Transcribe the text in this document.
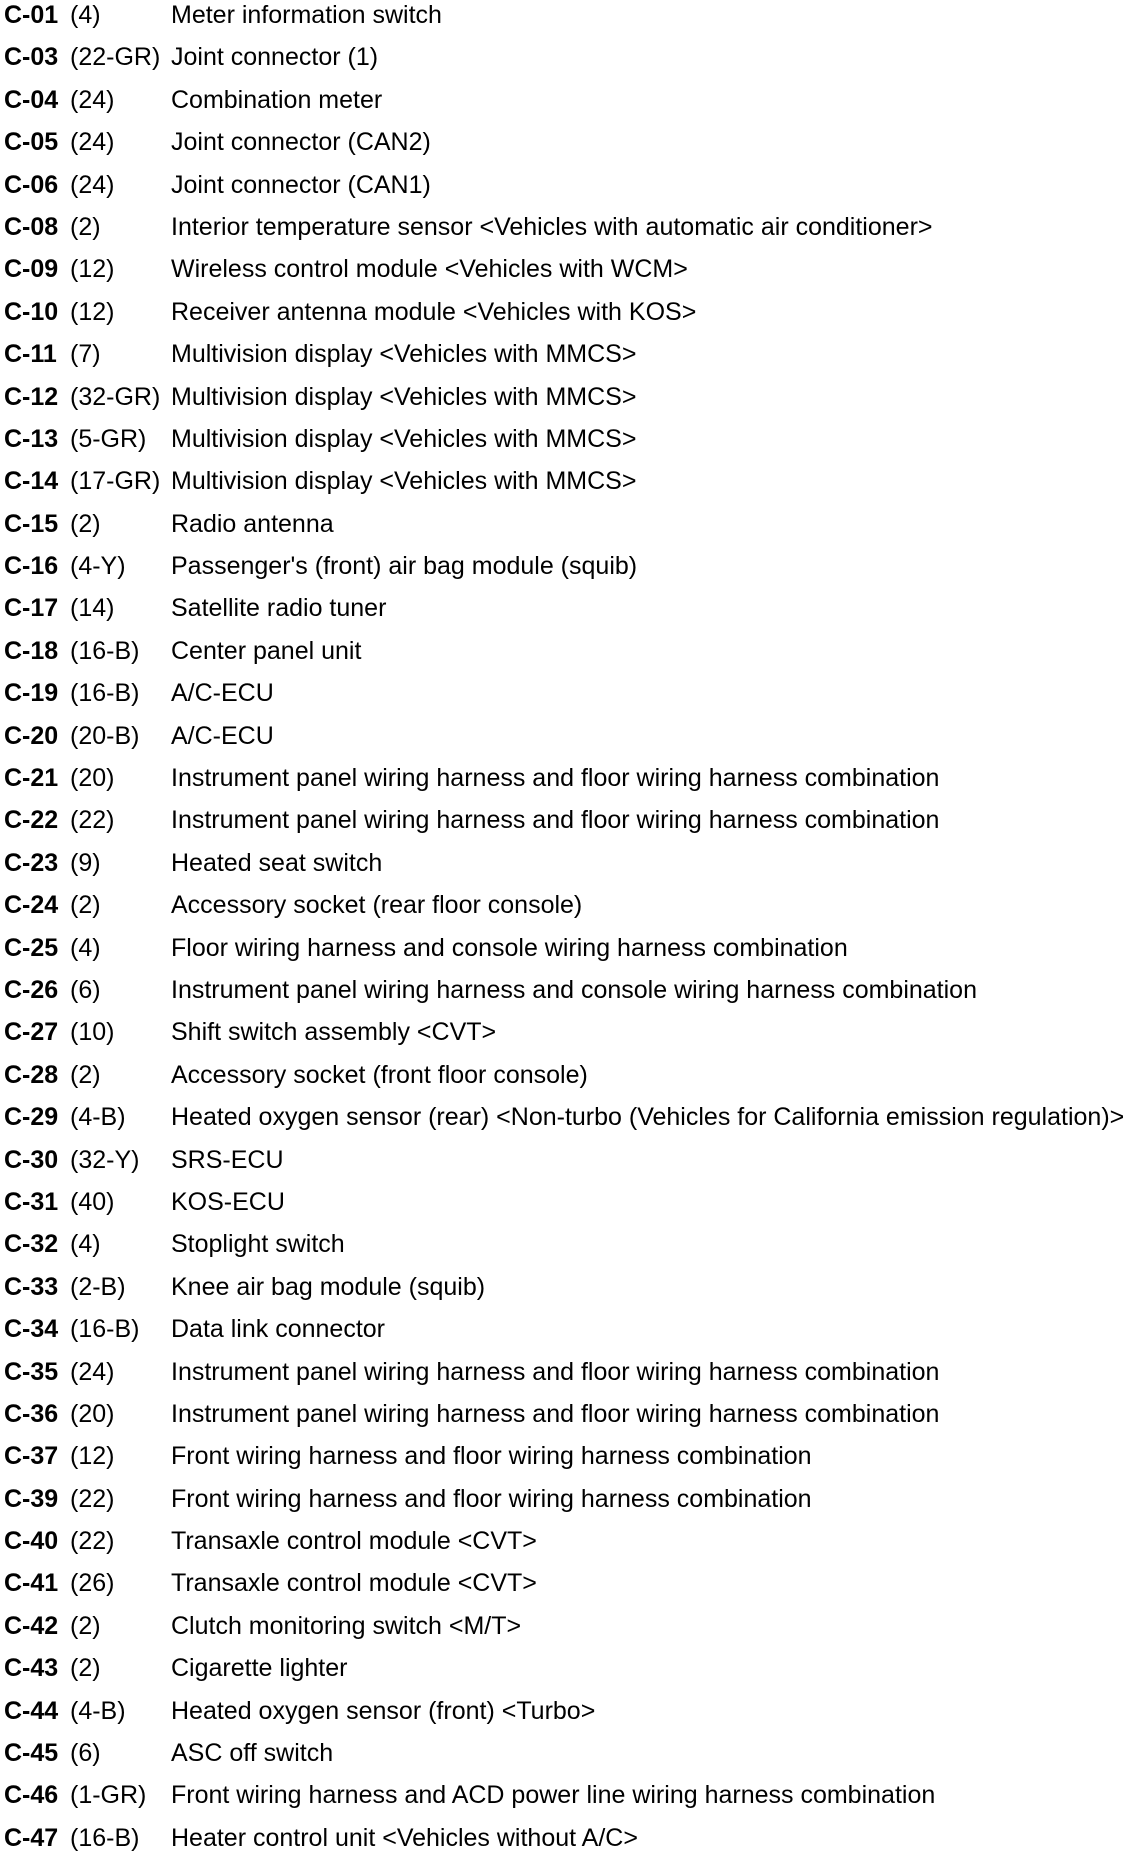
C-01 (4)	Meter information switch
C-03 (22-GR) Joint connector (1)
C-04 (24) Combination meter
C-05 (24) Joint connector (CAN2)
C-06 (24) Joint connector (CAN1)
C-08 (2)	Interior temperature sensor <Vehicles with automatic air conditioner>
C-09 (12) Wireless control module <Vehicles with WCM>
C-10 (12) Receiver antenna module <Vehicles with KOS>
C-11 (7)	Multivision display <Vehicles with MMCS>
C-12 (32-GR) Multivision display <Vehicles with MMCS>
C-13 (5-GR) Multivision display <Vehicles with MMCS>
C-14 (17-GR) Multivision display <Vehicles with MMCS>
C-15 (2)	Radio antenna
C-16 (4-Y) Passenger's (front) air bag module (squib)
C-17 (14) Satellite radio tuner
C-18 (16-B) Center panel unit
C-19 (16-B) A/C-ECU
C-20 (20-B) A/C-ECU
C-21 (20) Instrument panel wiring harness and floor wiring harness combination
C-22 (22) Instrument panel wiring harness and floor wiring harness combination
C-23 (9)	Heated seat switch
C-24 (2)	Accessory socket (rear floor console)
C-25 (4)	Floor wiring harness and console wiring harness combination
C-26 (6)	Instrument panel wiring harness and console wiring harness combination
C-27 (10) Shift switch assembly <CVT>
C-28 (2)	Accessory socket (front floor console)
C-29 (4-B) Heated oxygen sensor (rear) <Non-turbo (Vehicles for California emission regulation)>
C-30 (32-Y) SRS-ECU
C-31 (40) KOS-ECU
C-32 (4)	Stoplight switch
C-33 (2-B) Knee air bag module (squib)
C-34 (16-B) Data link connector
C-35 (24) Instrument panel wiring harness and floor wiring harness combination
C-36 (20) Instrument panel wiring harness and floor wiring harness combination
C-37 (12) Front wiring harness and floor wiring harness combination
C-39 (22) Front wiring harness and floor wiring harness combination
C-40 (22) Transaxle control module <CVT>
C-41 (26) Transaxle control module <CVT>
C-42 (2)	Clutch monitoring switch <M/T>
C-43 (2)	Cigarette lighter
C-44 (4-B) Heated oxygen sensor (front) <Turbo>
C-45 (6)	ASC off switch
C-46 (1-GR) Front wiring harness and ACD power line wiring harness combination
C-47 (16-B) Heater control unit <Vehicles without A/C>
